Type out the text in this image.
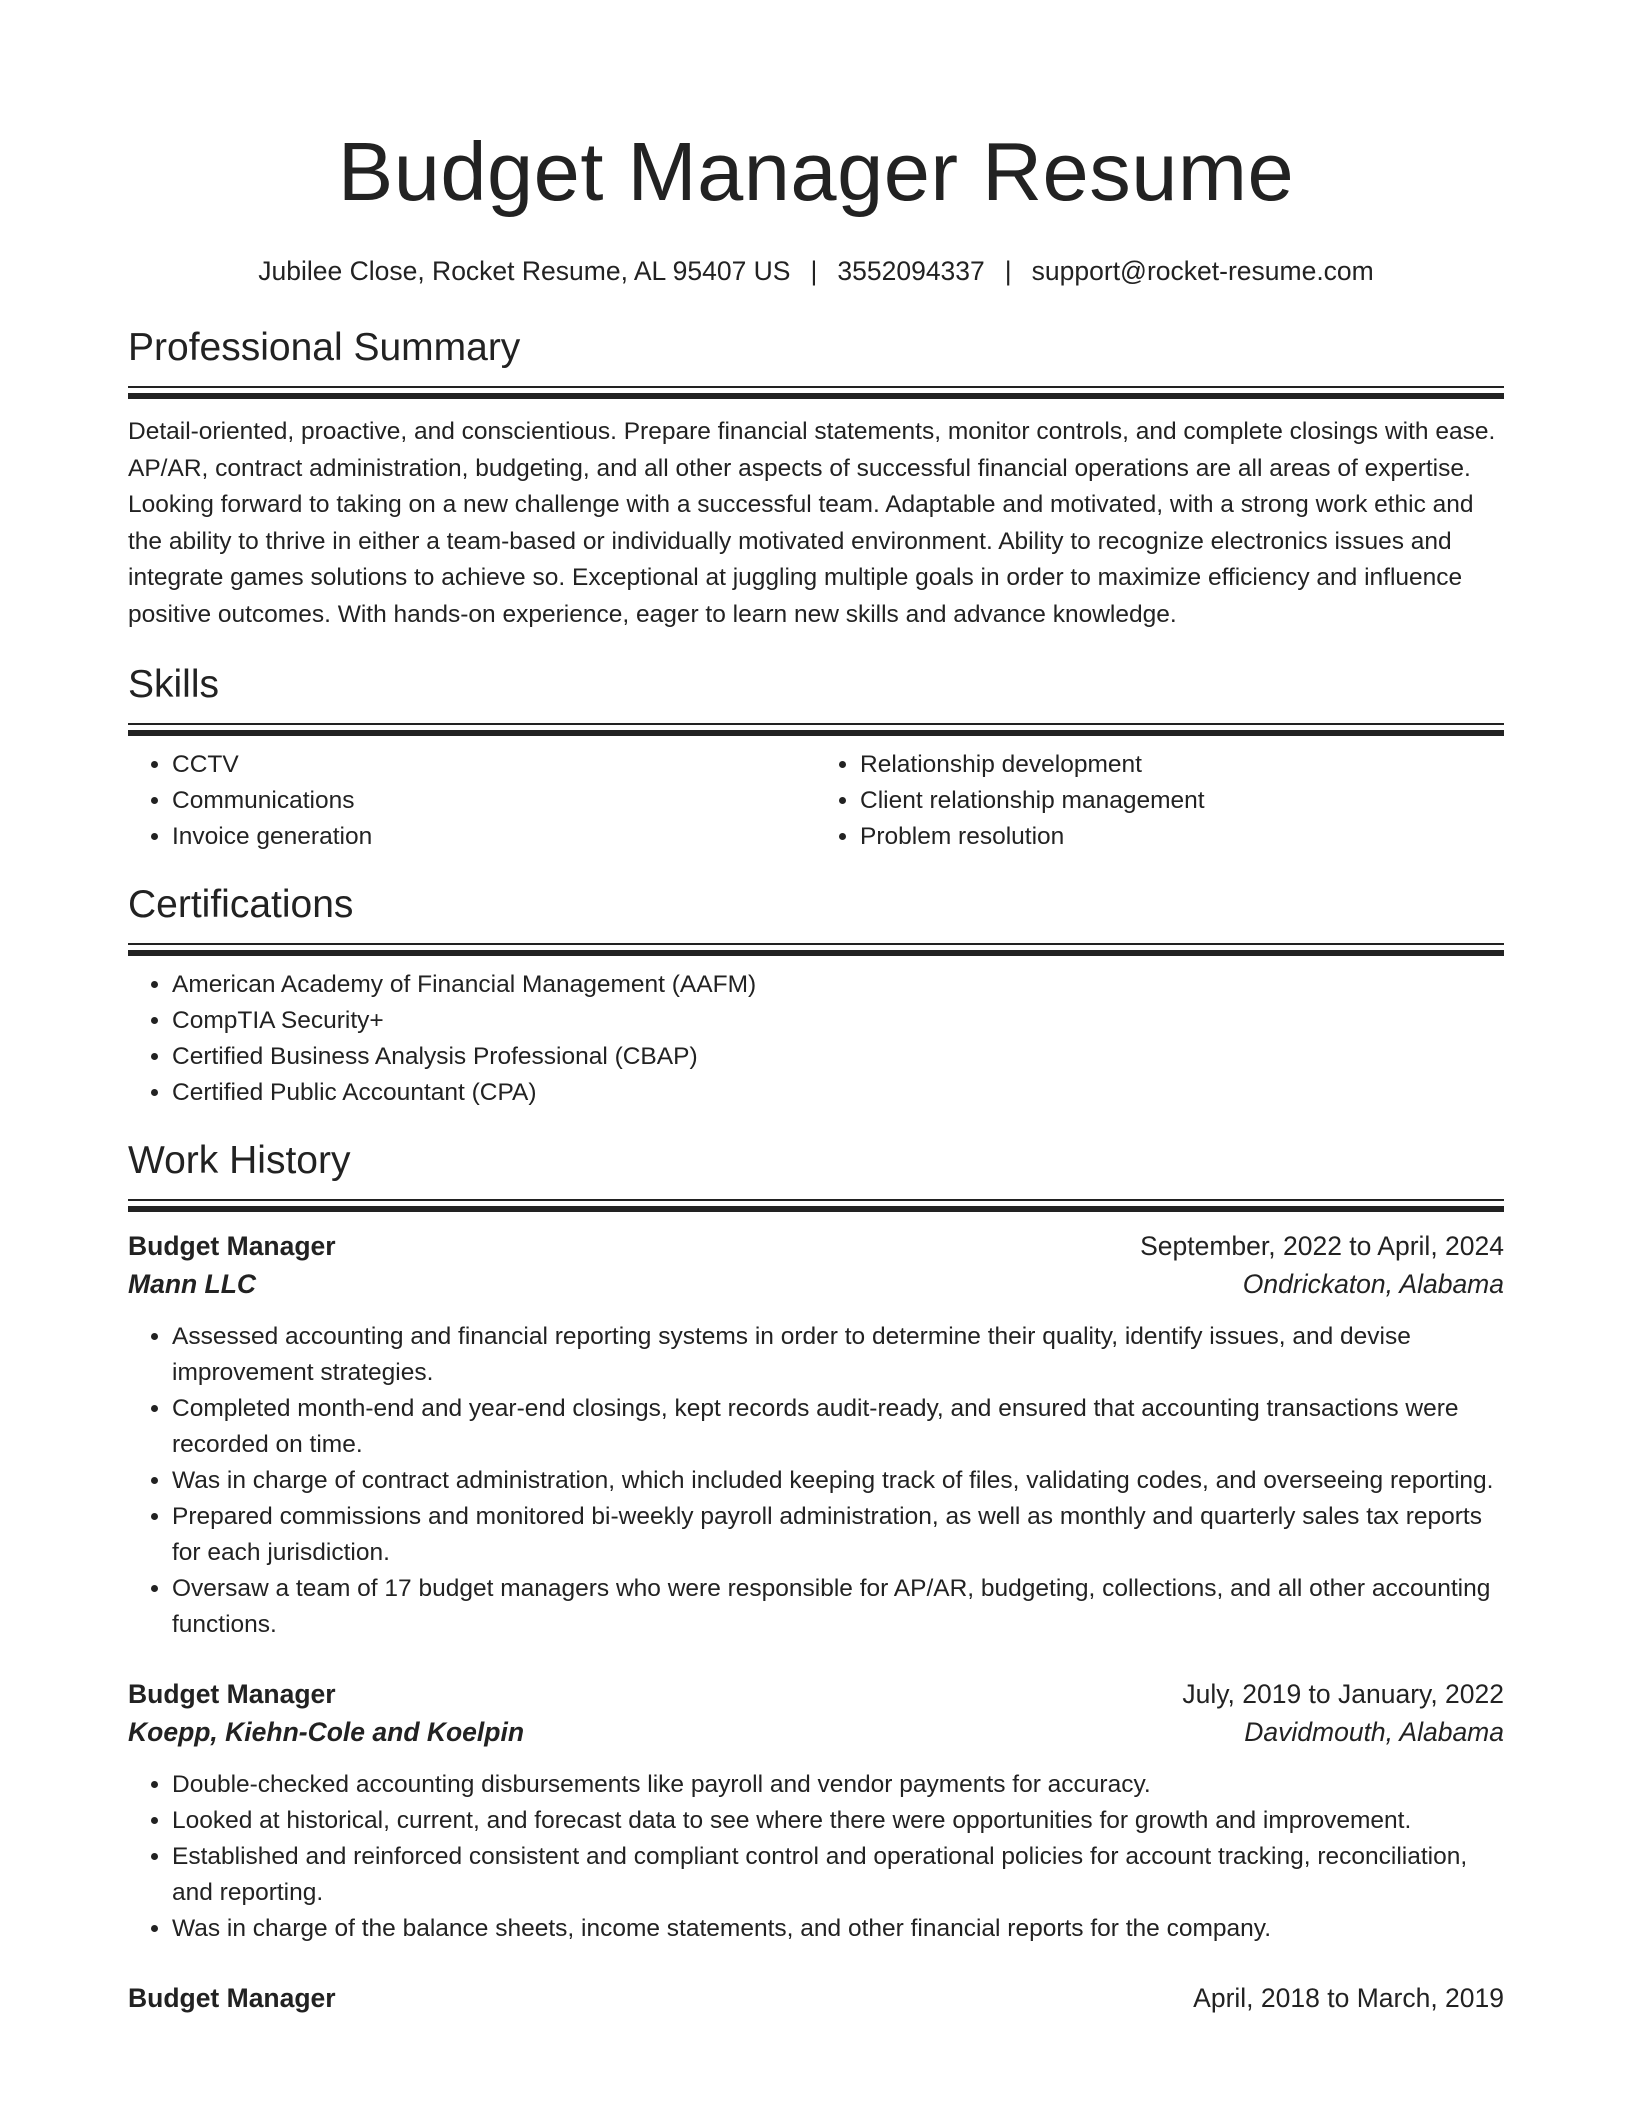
Budget Manager Resume
Jubilee Close, Rocket Resume, AL 95407 US | 3552094337 | support@rocket-resume.com
Professional Summary

Detail-oriented, proactive, and conscientious. Prepare financial statements, monitor controls, and complete closings with ease. AP/AR, contract administration, budgeting, and all other aspects of successful financial operations are all areas of expertise. Looking forward to taking on a new challenge with a successful team. Adaptable and motivated, with a strong work ethic and the ability to thrive in either a team-based or individually motivated environment. Ability to recognize electronics issues and integrate games solutions to achieve so. Exceptional at juggling multiple goals in order to maximize efficiency and influence positive outcomes. With hands-on experience, eager to learn new skills and advance knowledge.

Skills
• CCTV
• Communications
• Invoice generation
• Relationship development
• Client relationship management
• Problem resolution
Certifications
• American Academy of Financial Management (AAFM)
• CompTIA Security+
• Certified Business Analysis Professional (CBAP)
• Certified Public Accountant (CPA)
Work History
Budget Manager	September, 2022 to April, 2024
Mann LLC	Ondrickaton, Alabama
• Assessed accounting and financial reporting systems in order to determine their quality, identify issues, and devise improvement strategies.
• Completed month-end and year-end closings, kept records audit-ready, and ensured that accounting transactions were recorded on time.
• Was in charge of contract administration, which included keeping track of files, validating codes, and overseeing reporting.
• Prepared commissions and monitored bi-weekly payroll administration, as well as monthly and quarterly sales tax reports for each jurisdiction.
• Oversaw a team of 17 budget managers who were responsible for AP/AR, budgeting, collections, and all other accounting functions.
Budget Manager	July, 2019 to January, 2022
Koepp, Kiehn-Cole and Koelpin	Davidmouth, Alabama
• Double-checked accounting disbursements like payroll and vendor payments for accuracy.
• Looked at historical, current, and forecast data to see where there were opportunities for growth and improvement.
• Established and reinforced consistent and compliant control and operational policies for account tracking, reconciliation, and reporting.
• Was in charge of the balance sheets, income statements, and other financial reports for the company.
Budget Manager	April, 2018 to March, 2019
